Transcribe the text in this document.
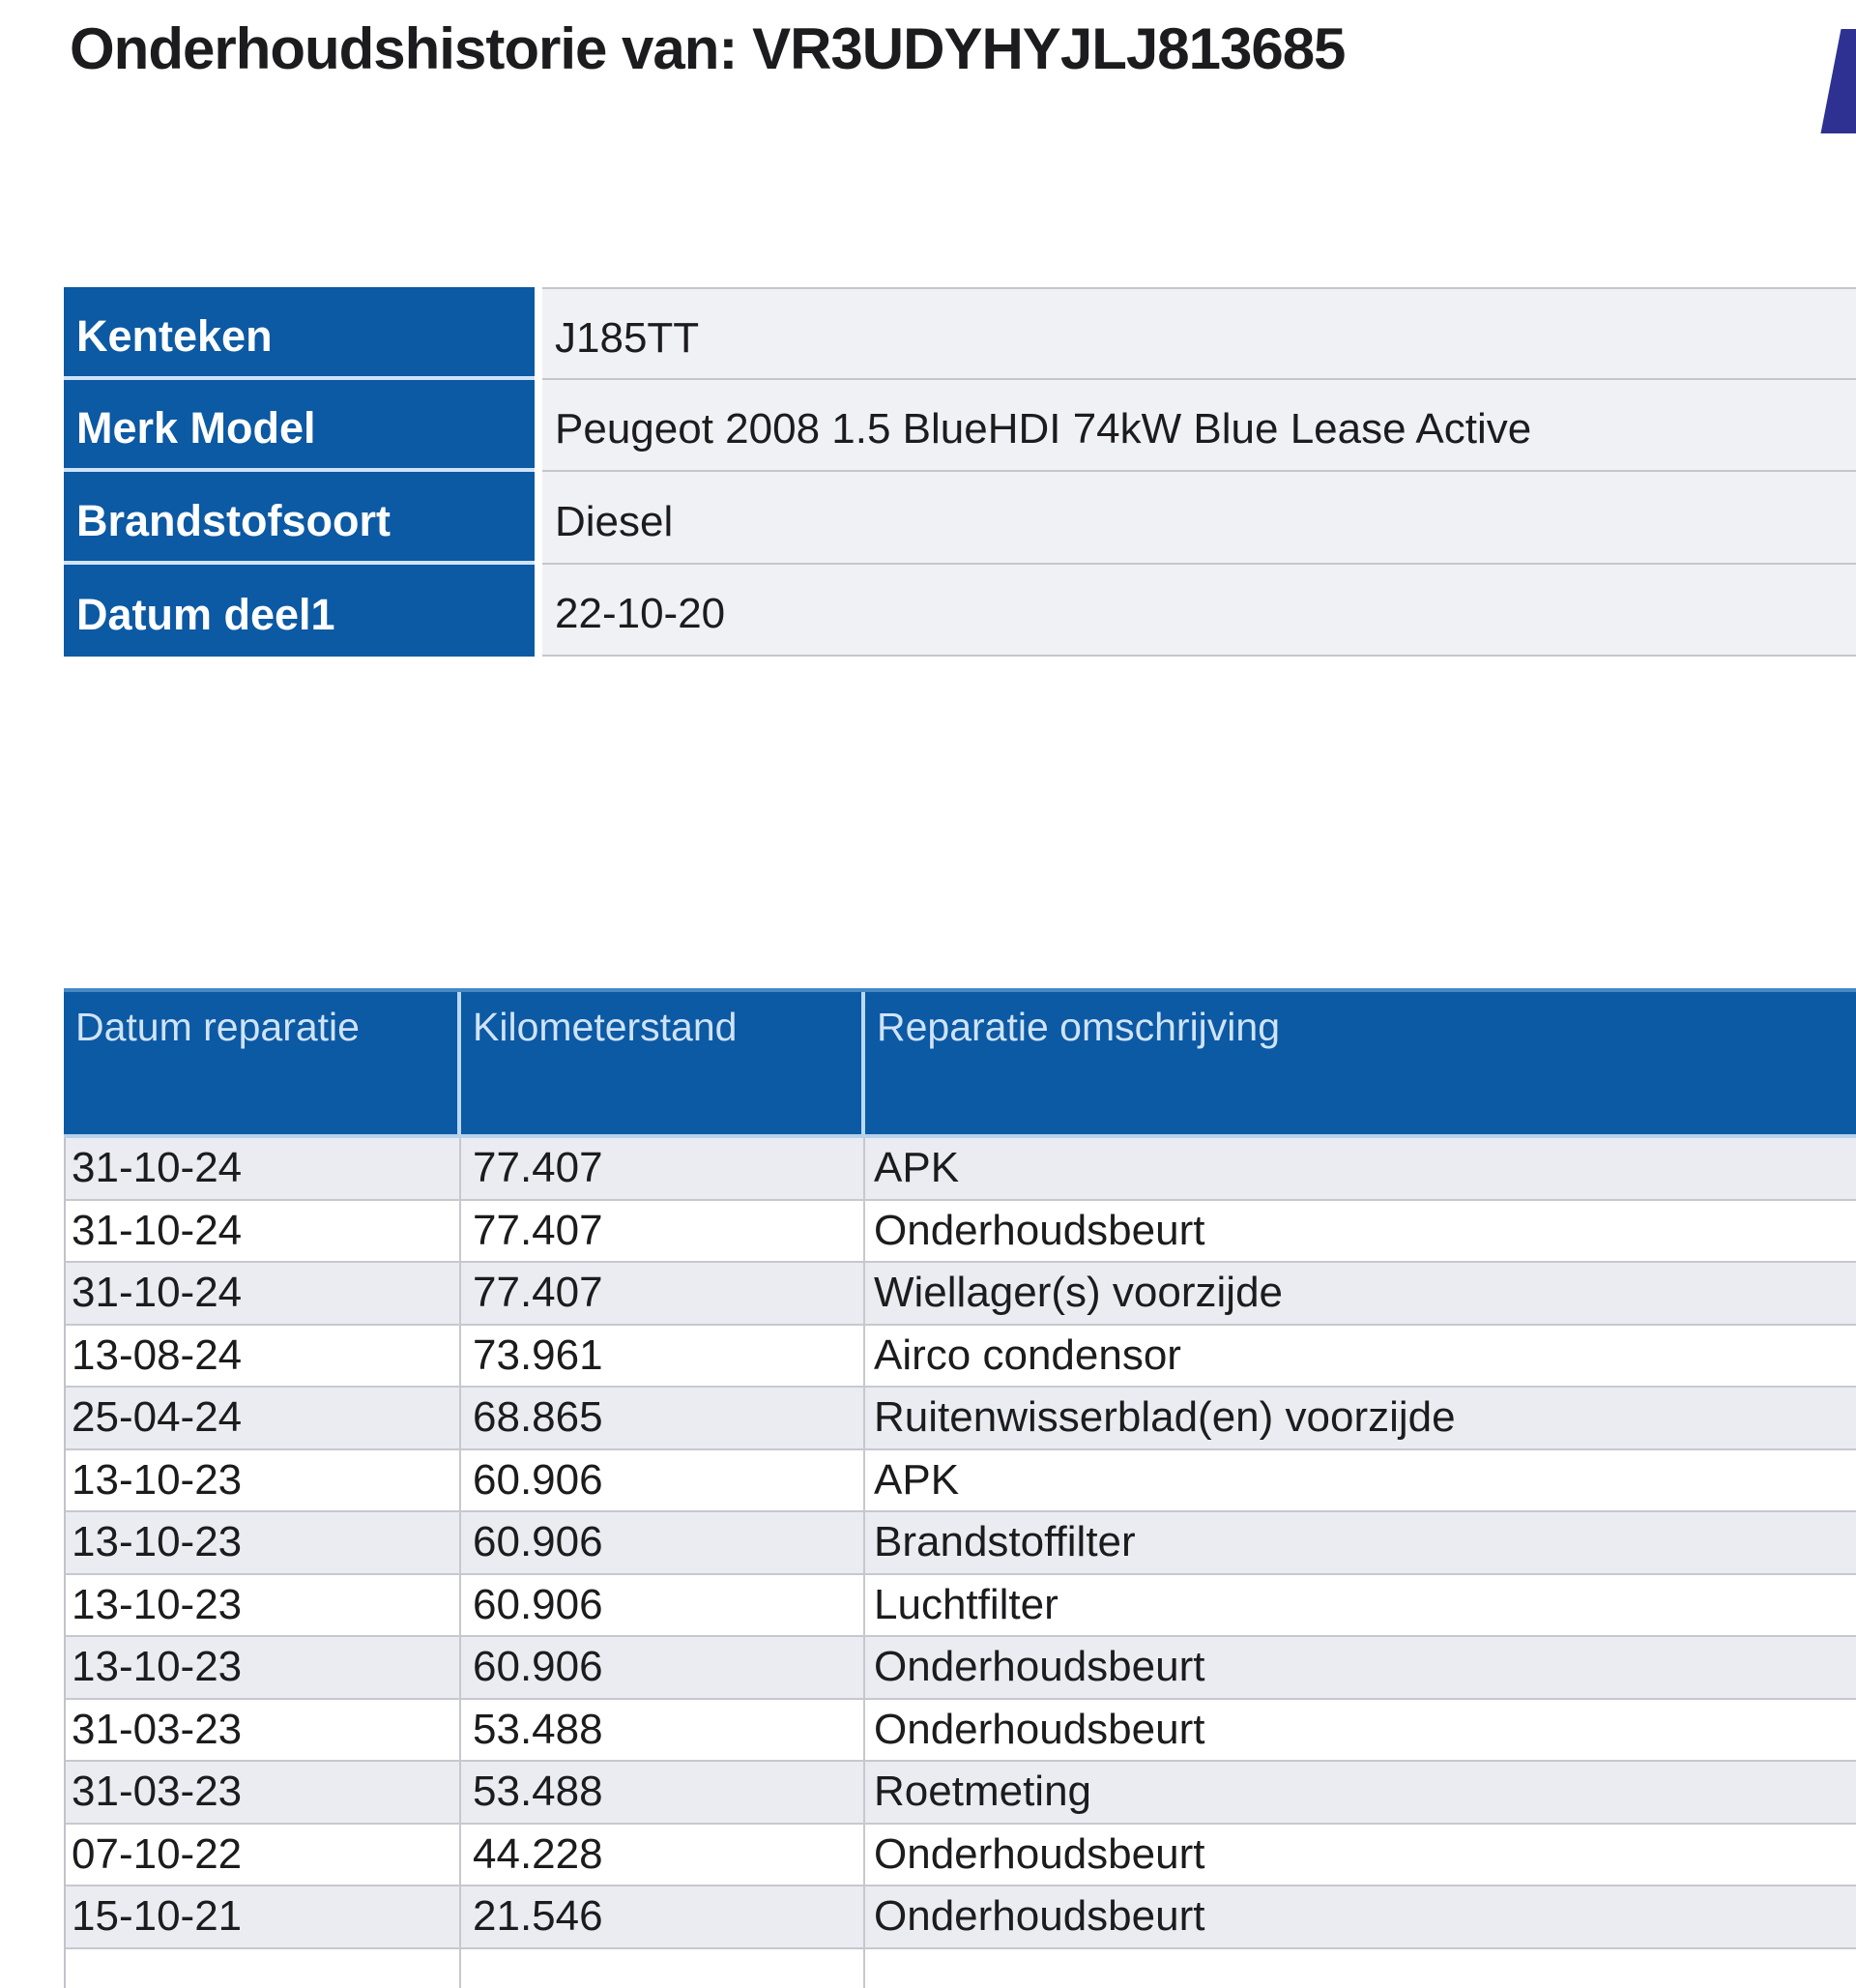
Onderhoudshistorie van: VR3UDYHYJLJ813685
Kenteken	J185TT
Merk Model	Peugeot 2008 1.5 BlueHDI 74kW Blue Lease Active
Brandstofsoort	Diesel
Datum deel1	22-10-20
Datum reparatie	Kilometerstand	Reparatie omschrijving
31-10-24	77.407	APK
31-10-24	77.407	Onderhoudsbeurt
31-10-24	77.407	Wiellager(s) voorzijde
13-08-24	73.961	Airco condensor
25-04-24	68.865	Ruitenwisserblad(en) voorzijde
13-10-23	60.906	APK
13-10-23	60.906	Brandstoffilter
13-10-23	60.906	Luchtfilter
13-10-23	60.906	Onderhoudsbeurt
31-03-23	53.488	Onderhoudsbeurt
31-03-23	53.488	Roetmeting
07-10-22	44.228	Onderhoudsbeurt
15-10-21	21.546	Onderhoudsbeurt
